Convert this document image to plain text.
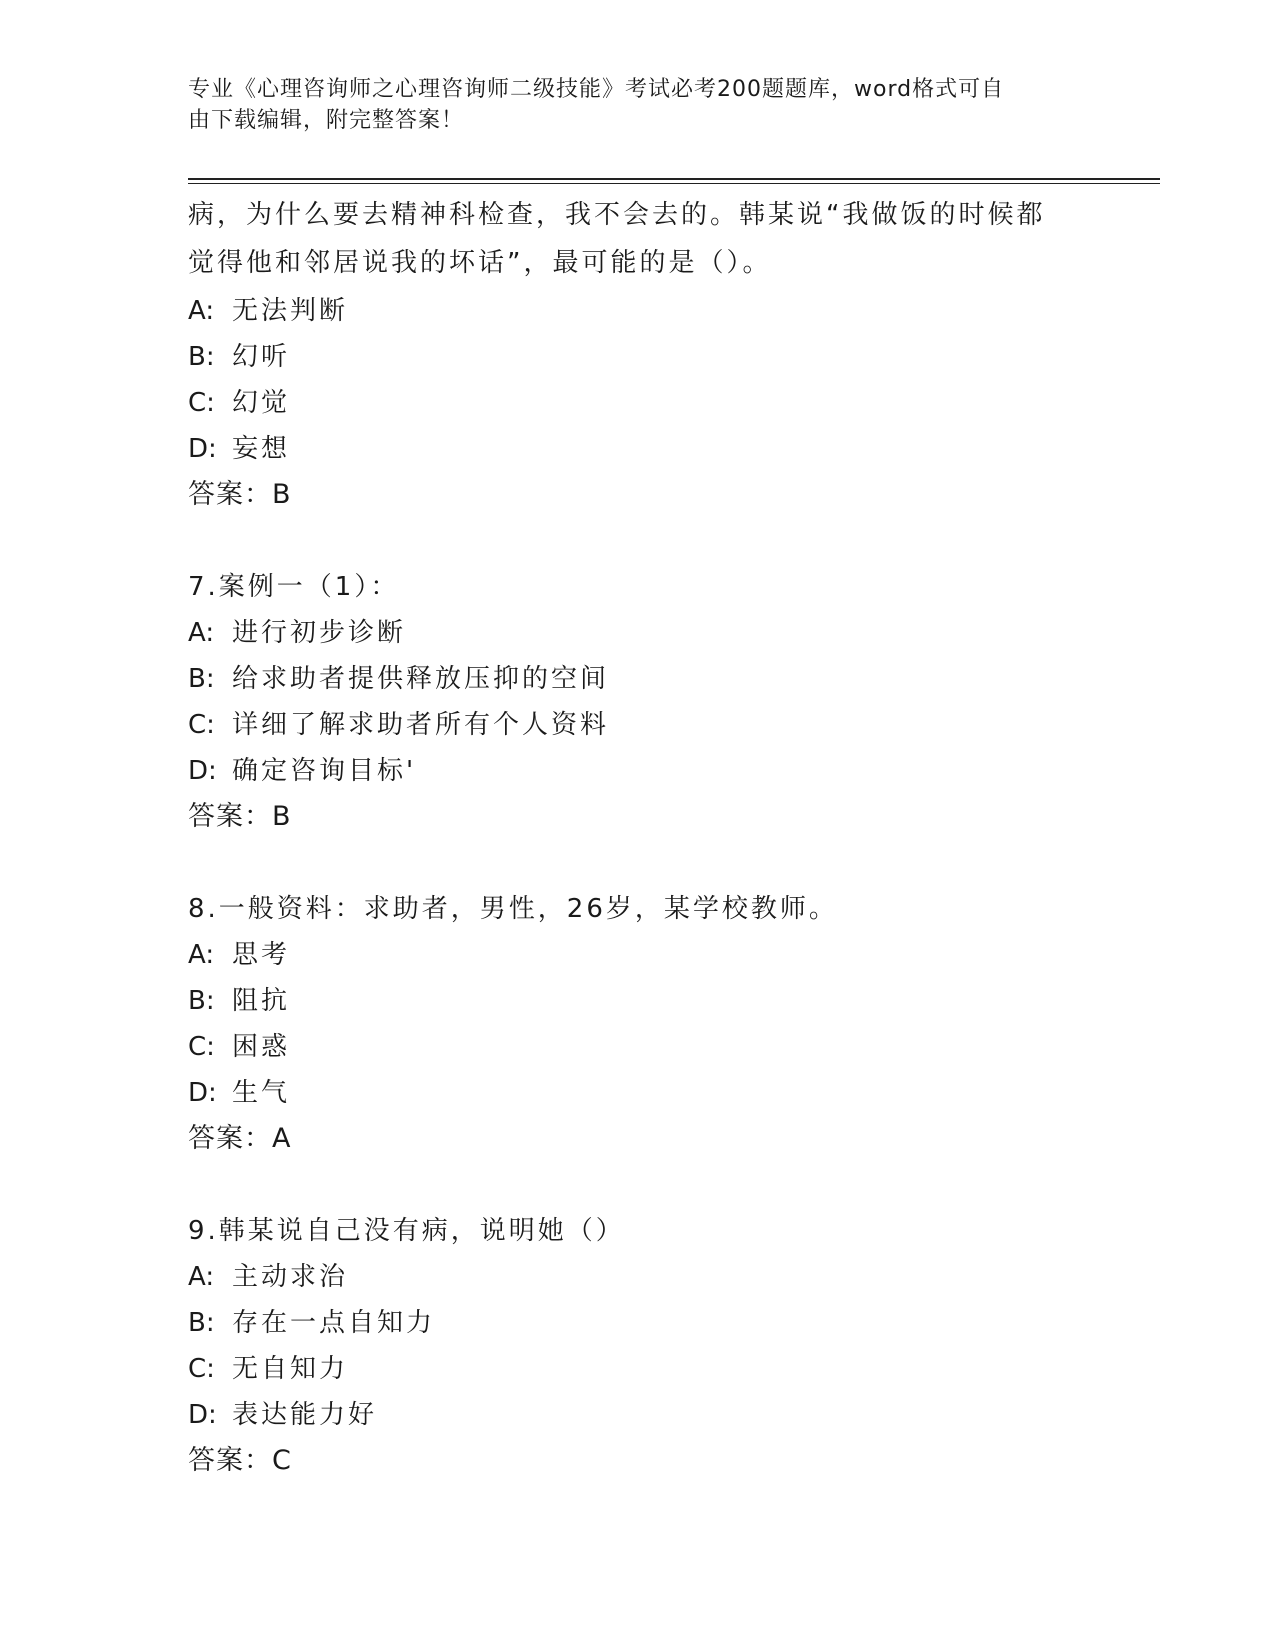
专业《心理咨询师之心理咨询师二级技能》考试必考200题题库，word格式可自
由下载编辑，附完整答案！
病，为什么要去精神科检查，我不会去的。韩某说“我做饭的时候都
觉得他和邻居说我的坏话”，最可能的是（）。
A: 无法判断
B: 幻听
C: 幻觉
D: 妄想
答案：B
7.案例一（1）：
A: 进行初步诊断
B: 给求助者提供释放压抑的空间
C: 详细了解求助者所有个人资料
D: 确定咨询目标'
答案：B
8.一般资料：求助者，男性，26岁，某学校教师。
A: 思考
B: 阻抗
C: 困惑
D: 生气
答案：A
9.韩某说自己没有病，说明她（）
A: 主动求治
B: 存在一点自知力
C: 无自知力
D: 表达能力好
答案：C
